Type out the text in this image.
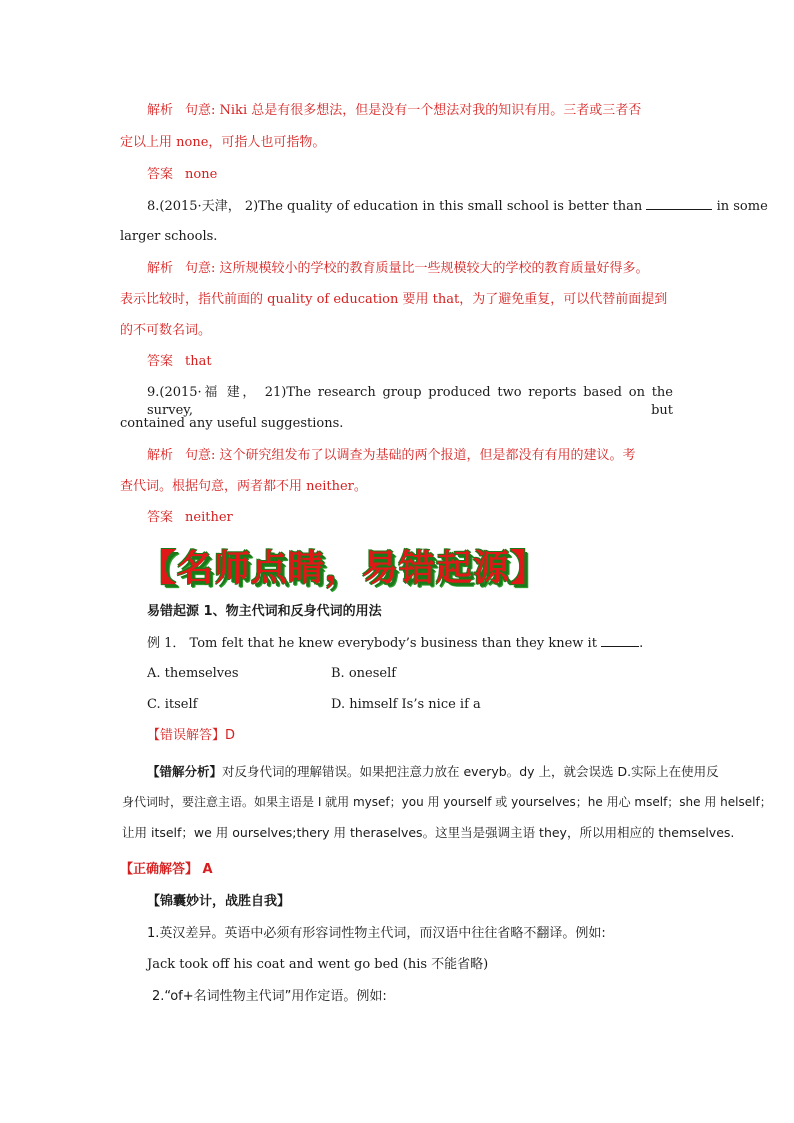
解析 句意: Niki 总是有很多想法，但是没有一个想法对我的知识有用。三者或三者否
定以上用 none，可指人也可指物。
答案 none
8.(2015·天津， 2)The quality of education in this small school is better than	in some
larger schools.
解析 句意: 这所规模较小的学校的教育质量比一些规模较大的学校的教育质量好得多。
表示比较时，指代前面的 quality of education 要用 that，为了避免重复，可以代替前面提到
的不可数名词。
答案 that
9.(2015·福 建， 21)The research group produced two reports based on the survey, but
contained any useful suggestions.
解析 句意: 这个研究组发布了以调查为基础的两个报道，但是都没有有用的建议。考
查代词。根据句意，两者都不用 neither。
答案 neither
【名师点睛，易错起源】
易错起源 1、物主代词和反身代词的用法
例 1． Tom felt that he knew everybody’s business than they knew it	.
A. themselves	B. oneself
C. itself	D. himself Is’s nice if a
【错误解答】D
【错解分析】对反身代词的理解错误。如果把注意力放在 everyb。dy 上，就会误选 D.实际上在使用反
身代词时，要注意主语。如果主语是 I 就用 mysef；you 用 yourself 或 yourselves；he 用心 mself；she 用 helself；
让用 itself；we 用 ourselves;thery 用 theraselves。这里当是强调主语 they，所以用相应的 themselves.
【正确解答】 A
【锦囊妙计，战胜自我】
1.英汉差异。英语中必须有形容词性物主代词，而汉语中往往省略不翻译。例如:
Jack took off his coat and went go bed (his 不能省略)
2.“of+名词性物主代词”用作定语。例如:
